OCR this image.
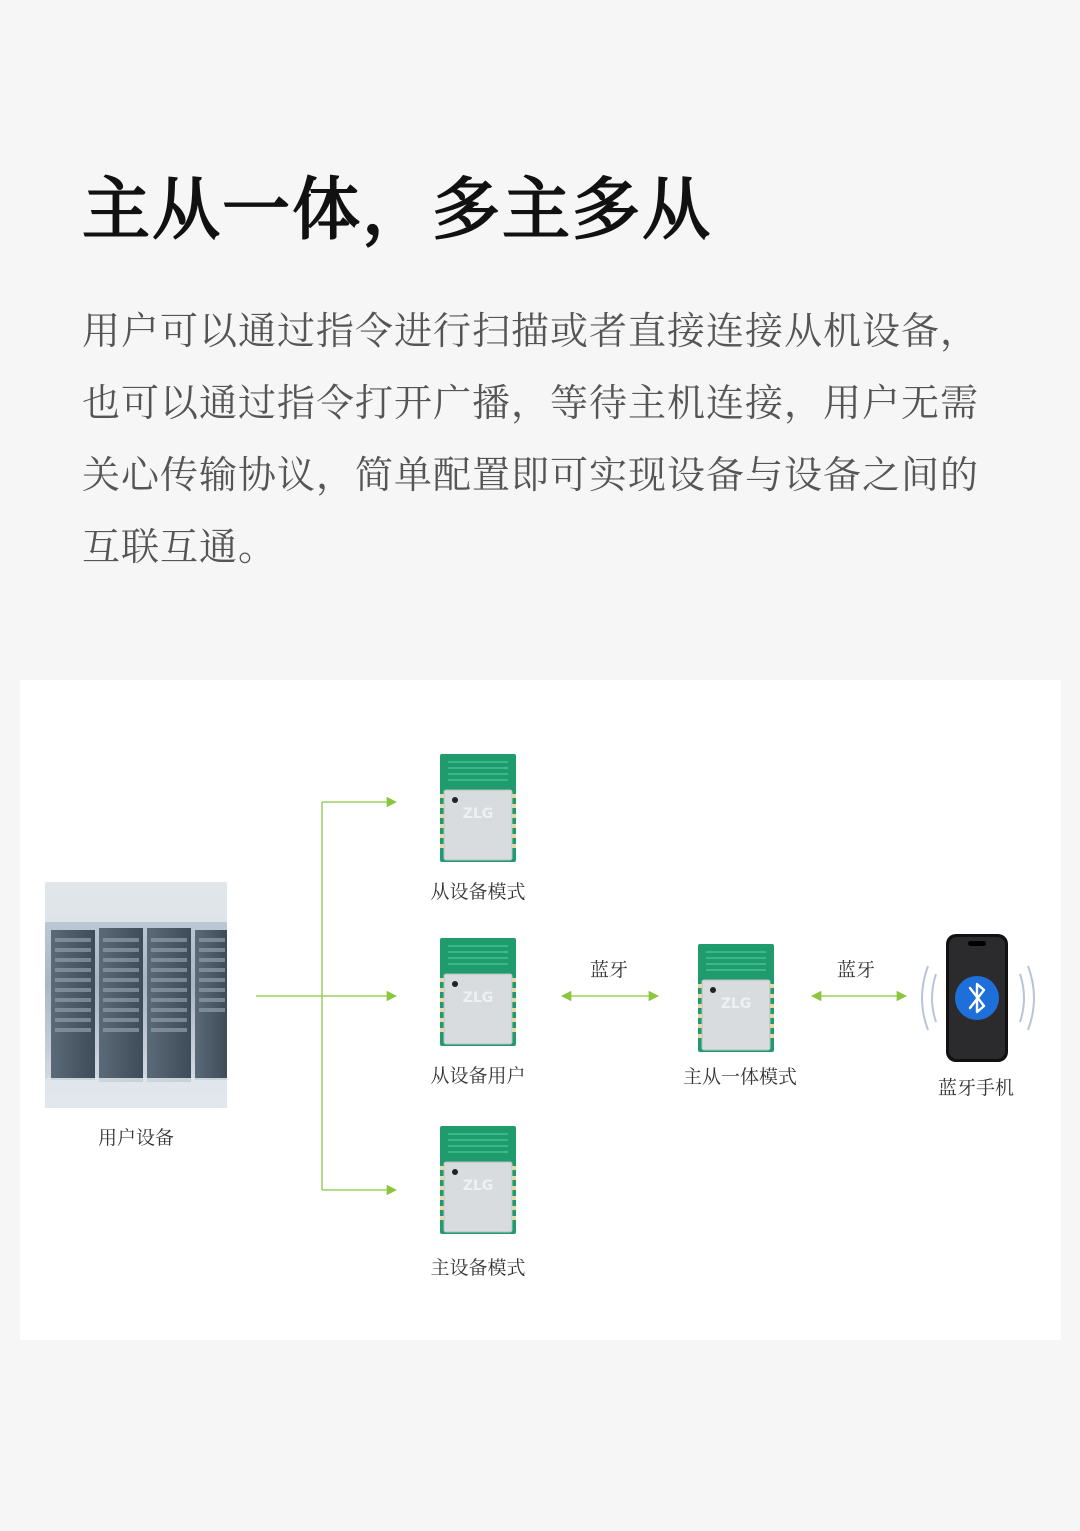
主从一体，多主多从

用户可以通过指令进行扫描或者直接连接从机设备，也可以通过指令打开广播，等待主机连接，用户无需关心传输协议，简单配置即可实现设备与设备之间的互联互通。

用户设备
ZLG
从设备模式
ZLG
从设备用户
ZLG
主设备模式
ZLG
主从一体模式
蓝牙	蓝牙
蓝牙手机
